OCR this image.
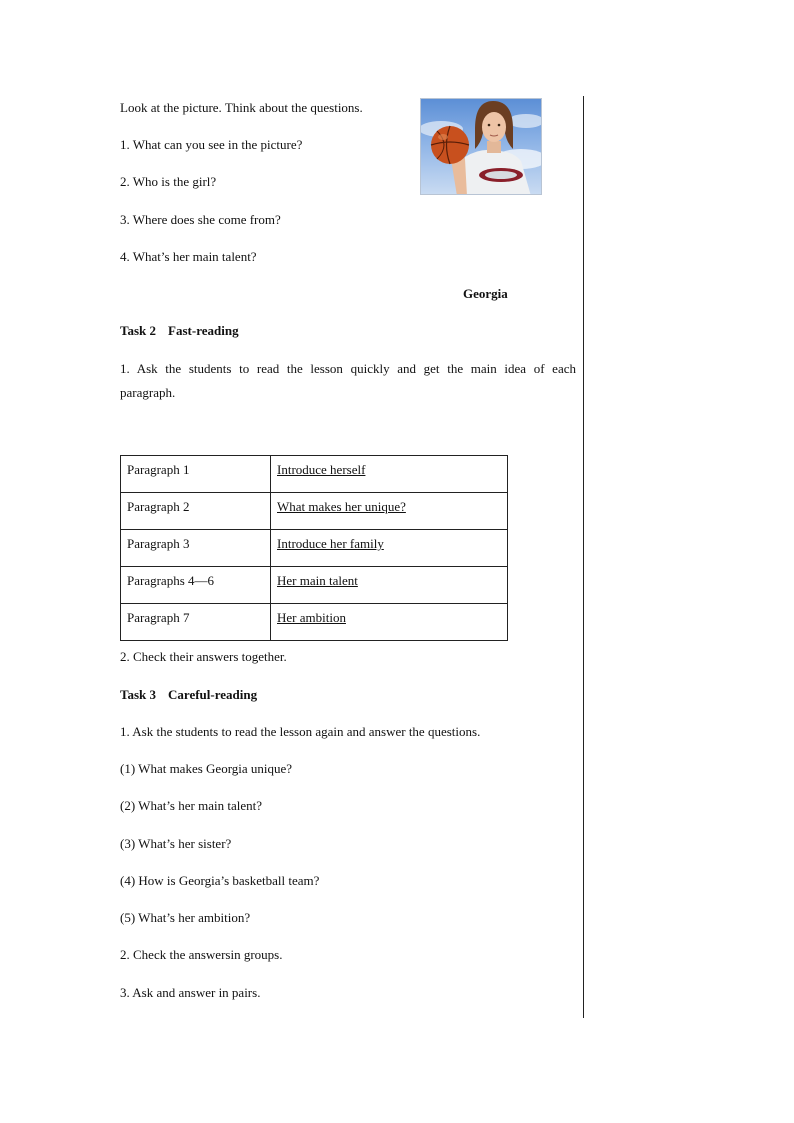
Look at the picture. Think about the questions.
1. What can you see in the picture?
2. Who is the girl?
3. Where does she come from?
4. What’s her main talent?
Georgia
Task 2 Fast-reading
1. Ask the students to read the lesson quickly and get the main idea of each
paragraph.
Paragraph 1	Introduce herself
Paragraph 2	What makes her unique?
Paragraph 3	Introduce her family
Paragraphs 4—6	Her main talent
Paragraph 7	Her ambition
2. Check their answers together.
Task 3 Careful-reading
1. Ask the students to read the lesson again and answer the questions.
(1) What makes Georgia unique?
(2) What’s her main talent?
(3) What’s her sister?
(4) How is Georgia’s basketball team?
(5) What’s her ambition?
2. Check the answersin groups.
3. Ask and answer in pairs.
